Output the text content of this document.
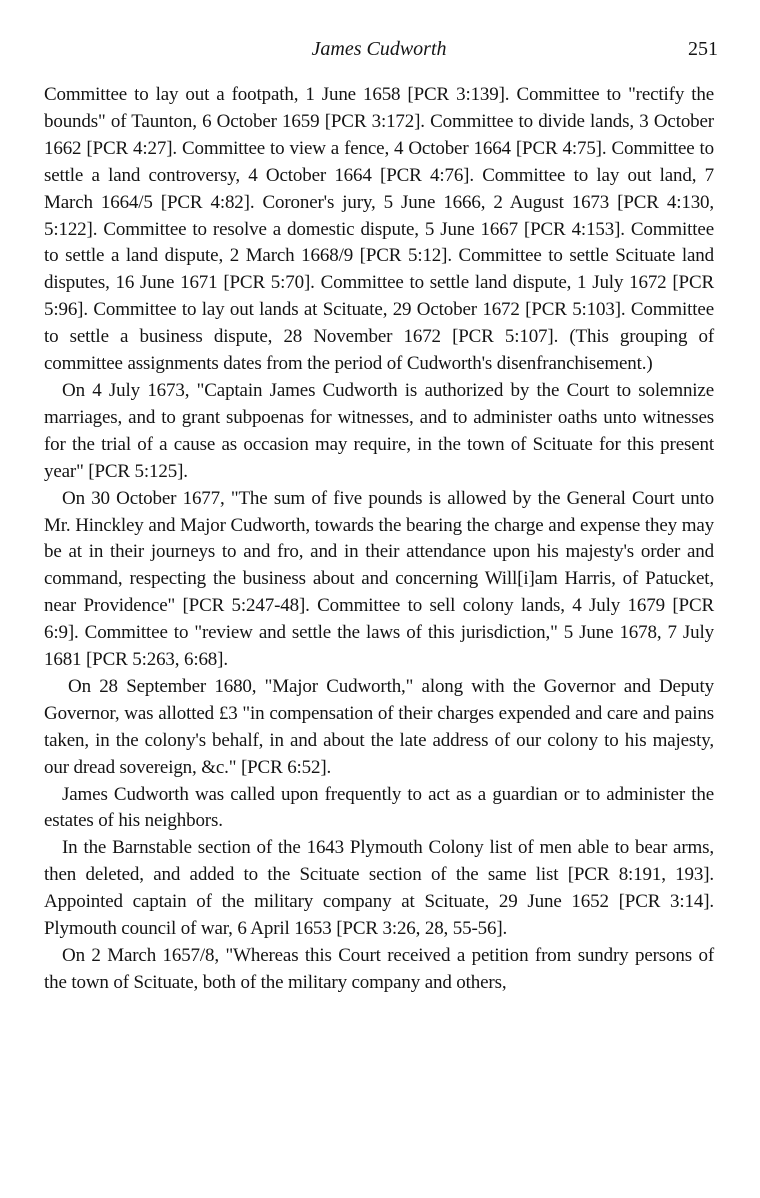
James Cudworth	251

Committee to lay out a footpath, 1 June 1658 [PCR 3:139]. Committee to "rectify the bounds" of Taunton, 6 October 1659 [PCR 3:172]. Committee to divide lands, 3 October 1662 [PCR 4:27]. Committee to view a fence, 4 October 1664 [PCR 4:75]. Committee to settle a land controversy, 4 October 1664 [PCR 4:76]. Committee to lay out land, 7 March 1664/5 [PCR 4:82]. Coroner's jury, 5 June 1666, 2 August 1673 [PCR 4:130, 5:122]. Committee to resolve a domestic dispute, 5 June 1667 [PCR 4:153]. Committee to settle a land dispute, 2 March 1668/9 [PCR 5:12]. Committee to settle Scituate land disputes, 16 June 1671 [PCR 5:70]. Committee to settle land dispute, 1 July 1672 [PCR 5:96]. Committee to lay out lands at Scituate, 29 October 1672 [PCR 5:103]. Committee to settle a business dispute, 28 November 1672 [PCR 5:107]. (This grouping of committee assignments dates from the period of Cudworth's disenfranchisement.)

On 4 July 1673, "Captain James Cudworth is authorized by the Court to solemnize marriages, and to grant subpoenas for witnesses, and to administer oaths unto witnesses for the trial of a cause as occasion may require, in the town of Scituate for this present year" [PCR 5:125].

On 30 October 1677, "The sum of five pounds is allowed by the General Court unto Mr. Hinckley and Major Cudworth, towards the bearing the charge and expense they may be at in their journeys to and fro, and in their attendance upon his majesty's order and command, respecting the business about and concerning Will[i]am Harris, of Patucket, near Providence" [PCR 5:247-48]. Committee to sell colony lands, 4 July 1679 [PCR 6:9]. Committee to "review and settle the laws of this jurisdiction," 5 June 1678, 7 July 1681 [PCR 5:263, 6:68].

On 28 September 1680, "Major Cudworth," along with the Governor and Deputy Governor, was allotted £3 "in compensation of their charges expended and care and pains taken, in the colony's behalf, in and about the late address of our colony to his majesty, our dread sovereign, &c." [PCR 6:52].

James Cudworth was called upon frequently to act as a guardian or to administer the estates of his neighbors.

In the Barnstable section of the 1643 Plymouth Colony list of men able to bear arms, then deleted, and added to the Scituate section of the same list [PCR 8:191, 193]. Appointed captain of the military company at Scituate, 29 June 1652 [PCR 3:14]. Plymouth council of war, 6 April 1653 [PCR 3:26, 28, 55-56].

On 2 March 1657/8, "Whereas this Court received a petition from sundry persons of the town of Scituate, both of the military company and others,
